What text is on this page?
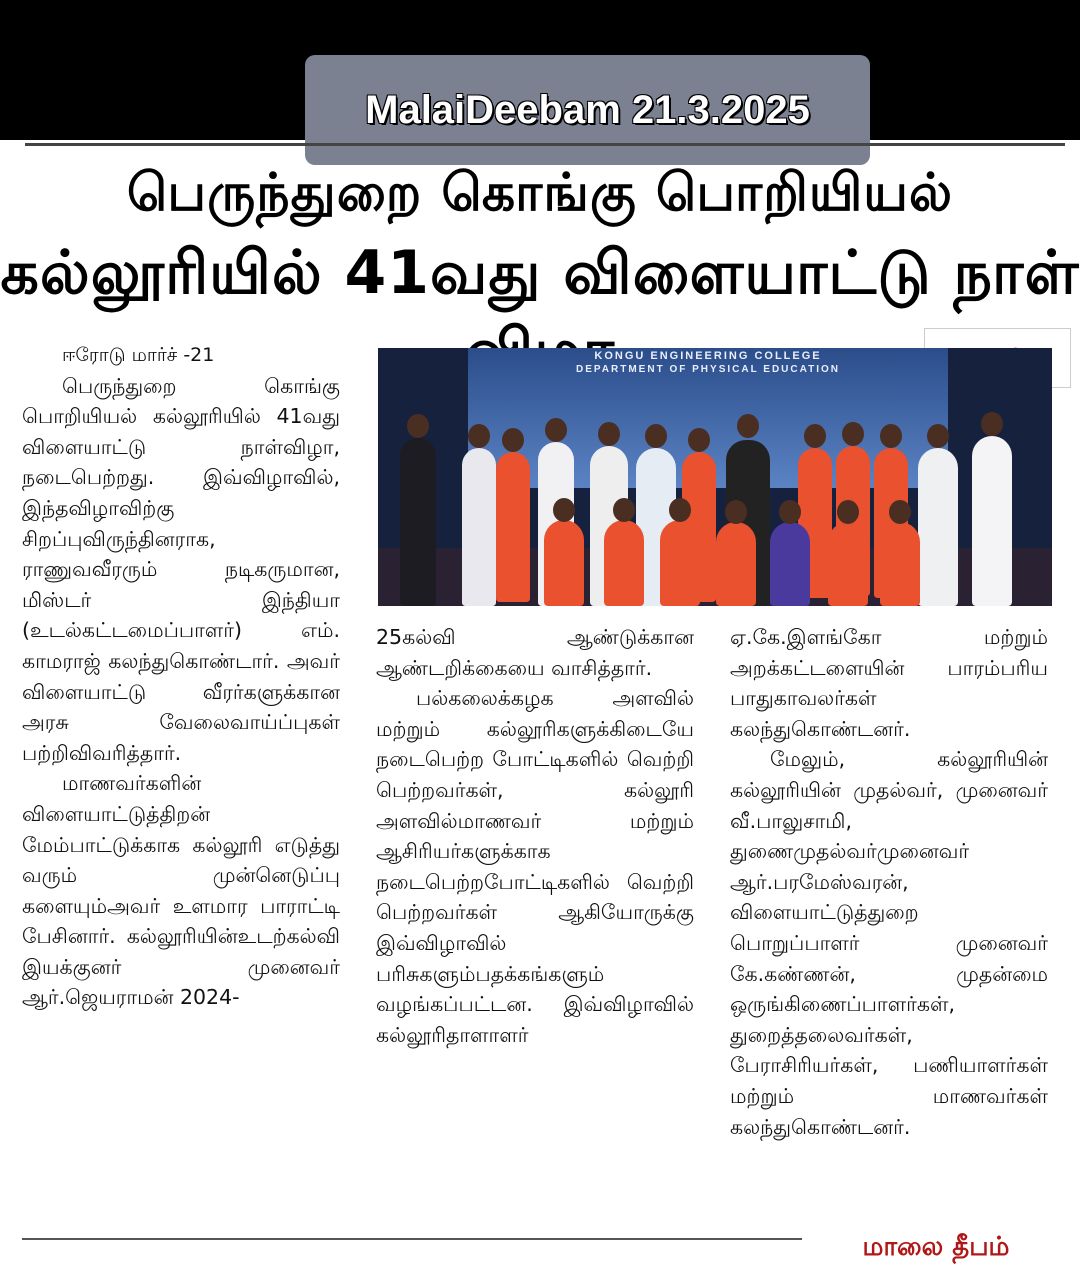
MalaiDeebam 21.3.2025
பெருந்துறை கொங்கு பொறியியல்
கல்லூரியில் 41வது விளையாட்டு நாள்
KONGU ENGINEERING COLLEGE
DEPARTMENT OF PHYSICAL EDUCATION

ஈரோடு மார்ச் -21

பெருந்துறை கொங்கு பொறியியல் கல்லூரியில் 41வது விளையாட்டு நாள்விழா, நடைபெற்றது. இவ்விழாவில், இந்தவிழாவிற்கு சிறப்புவிருந்தினராக, ராணுவவீரரும் நடிகருமான, மிஸ்டர் இந்தியா (உடல்கட்டமைப்பாளர்) எம். காமராஜ் கலந்துகொண்டார். அவர் விளையாட்டு வீரர்களுக்கான அரசு வேலைவாய்ப்புகள் பற்றிவிவரித்தார்.

மாணவர்களின் விளையாட்டுத்திறன் மேம்பாட்டுக்காக கல்லூரி எடுத்து வரும் முன்னெடுப்பு களையும்அவர் உளமார பாராட்டி பேசினார். கல்லூரியின்உடற்கல்வி இயக்குனர் முனைவர் ஆர்.ஜெயராமன் 2024-

25கல்வி ஆண்டுக்கான ஆண்டறிக்கையை வாசித்தார்.

பல்கலைக்கழக அளவில் மற்றும் கல்லூரிகளுக்கிடையே நடைபெற்ற போட்டிகளில் வெற்றி பெற்றவர்கள், கல்லூரி அளவில்மாணவர் மற்றும் ஆசிரியர்களுக்காக நடைபெற்றபோட்டிகளில் வெற்றி பெற்றவர்கள் ஆகியோருக்கு இவ்விழாவில் பரிசுகளும்பதக்கங்களும் வழங்கப்பட்டன. இவ்விழாவில் கல்லூரிதாளாளர்

ஏ.கே.இளங்கோ மற்றும் அறக்கட்டளையின் பாரம்பரிய பாதுகாவலர்கள் கலந்துகொண்டனர்.

மேலும், கல்லூரியின் கல்லூரியின் முதல்வர், முனைவர் வீ.பாலுசாமி, துணைமுதல்வர்முனைவர் ஆர்.பரமேஸ்வரன், விளையாட்டுத்துறை பொறுப்பாளர் முனைவர் கே.கண்ணன், முதன்மை ஒருங்கிணைப்பாளர்கள், துறைத்தலைவர்கள், பேராசிரியர்கள், பணியாளர்கள் மற்றும் மாணவர்கள் கலந்துகொண்டனர்.

மாலை தீபம்
